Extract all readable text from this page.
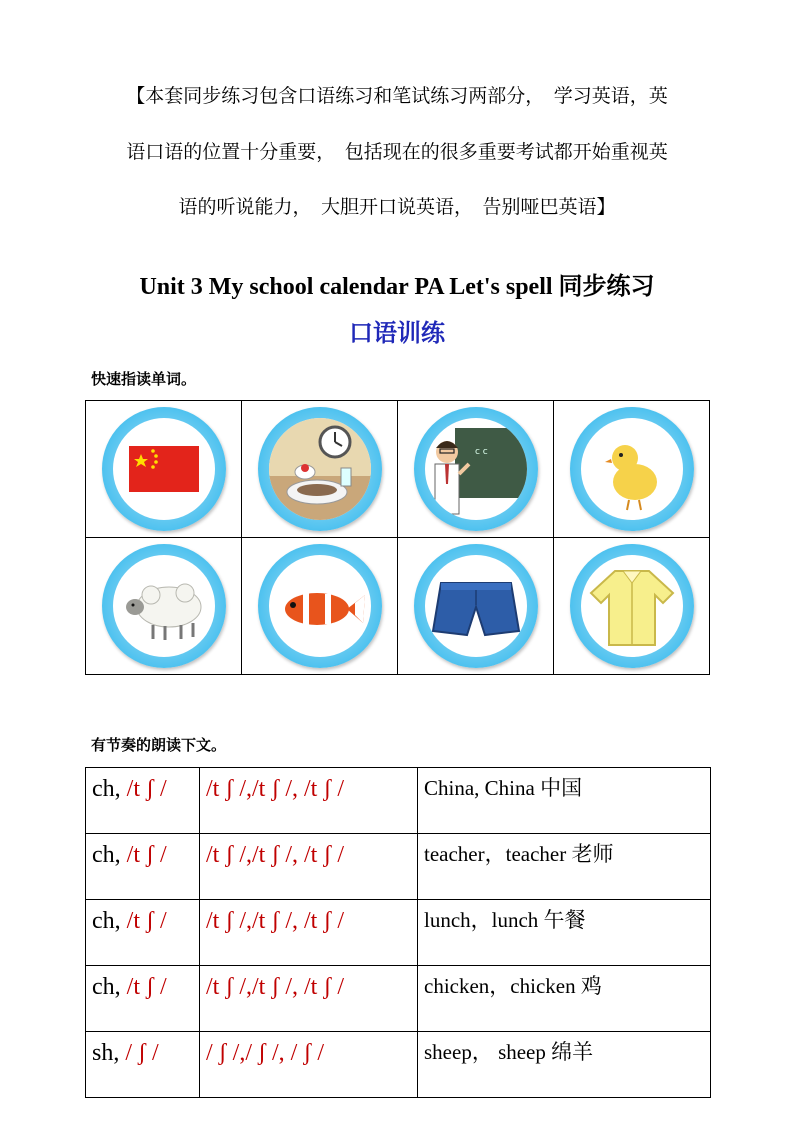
【本套同步练习包含口语练习和笔试练习两部分，　学习英语，英
语口语的位置十分重要，　包括现在的很多重要考试都开始重视英
语的听说能力，　大胆开口说英语，　告别哑巴英语】
Unit 3 My school calendar PA Let's spell 同步练习
口语训练
快速指读单词。

c c

有节奏的朗读下文。
ch, /t ʃ /	/t ʃ /,/t ʃ /, /t ʃ /	China, China 中国
ch, /t ʃ /	/t ʃ /,/t ʃ /, /t ʃ /	teacher，teacher 老师
ch, /t ʃ /	/t ʃ /,/t ʃ /, /t ʃ /	lunch，lunch 午餐
ch, /t ʃ /	/t ʃ /,/t ʃ /, /t ʃ /	chicken，chicken 鸡
sh, / ʃ /	/ ʃ /,/ ʃ /, / ʃ /	sheep， sheep 绵羊
